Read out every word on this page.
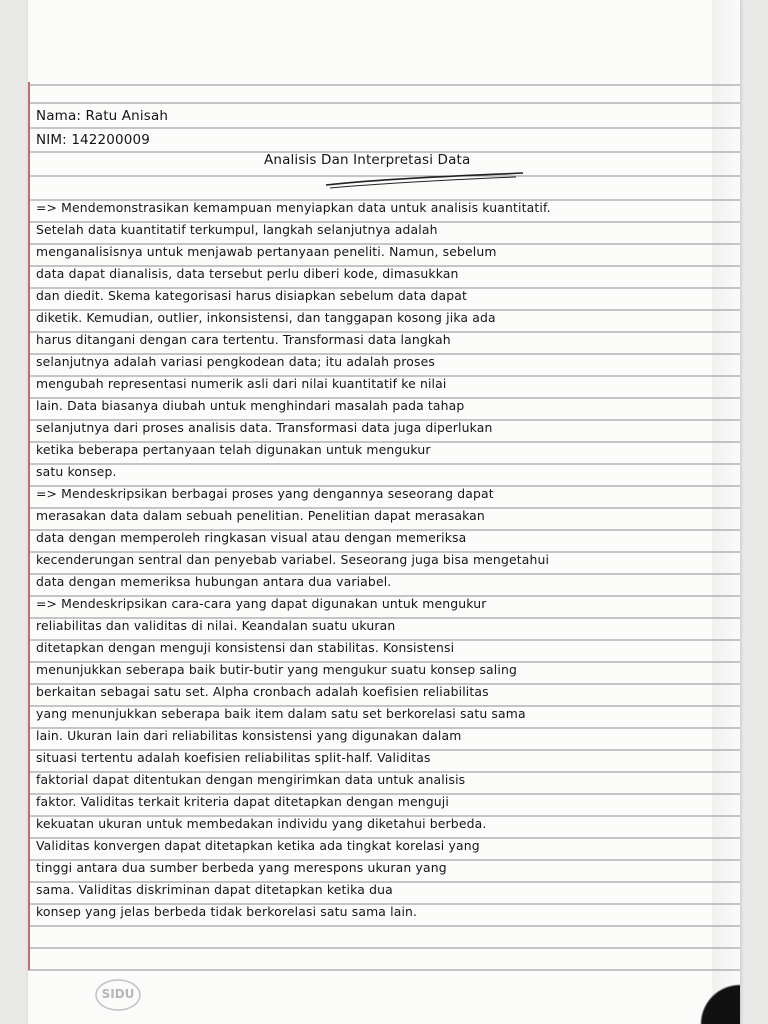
Nama: Ratu Anisah
NIM: 142200009
Analisis Dan Interpretasi Data
=> Mendemonstrasikan kemampuan menyiapkan data untuk analisis kuantitatif.
Setelah data kuantitatif terkumpul, langkah selanjutnya adalah
menganalisisnya untuk menjawab pertanyaan peneliti. Namun, sebelum
data dapat dianalisis, data tersebut perlu diberi kode, dimasukkan
dan diedit. Skema kategorisasi harus disiapkan sebelum data dapat
diketik. Kemudian, outlier, inkonsistensi, dan tanggapan kosong jika ada
harus ditangani dengan cara tertentu. Transformasi data langkah
selanjutnya adalah variasi pengkodean data; itu adalah proses
mengubah representasi numerik asli dari nilai kuantitatif ke nilai
lain. Data biasanya diubah untuk menghindari masalah pada tahap
selanjutnya dari proses analisis data. Transformasi data juga diperlukan
ketika beberapa pertanyaan telah digunakan untuk mengukur
satu konsep.
=> Mendeskripsikan berbagai proses yang dengannya seseorang dapat
merasakan data dalam sebuah penelitian. Penelitian dapat merasakan
data dengan memperoleh ringkasan visual atau dengan memeriksa
kecenderungan sentral dan penyebab variabel. Seseorang juga bisa mengetahui
data dengan memeriksa hubungan antara dua variabel.
=> Mendeskripsikan cara-cara yang dapat digunakan untuk mengukur
reliabilitas dan validitas di nilai. Keandalan suatu ukuran
ditetapkan dengan menguji konsistensi dan stabilitas. Konsistensi
menunjukkan seberapa baik butir-butir yang mengukur suatu konsep saling
berkaitan sebagai satu set. Alpha cronbach adalah koefisien reliabilitas
yang menunjukkan seberapa baik item dalam satu set berkorelasi satu sama
lain. Ukuran lain dari reliabilitas konsistensi yang digunakan dalam
situasi tertentu adalah koefisien reliabilitas split-half. Validitas
faktorial dapat ditentukan dengan mengirimkan data untuk analisis
faktor. Validitas terkait kriteria dapat ditetapkan dengan menguji
kekuatan ukuran untuk membedakan individu yang diketahui berbeda.
Validitas konvergen dapat ditetapkan ketika ada tingkat korelasi yang
tinggi antara dua sumber berbeda yang merespons ukuran yang
sama. Validitas diskriminan dapat ditetapkan ketika dua
konsep yang jelas berbeda tidak berkorelasi satu sama lain.
SIDU
